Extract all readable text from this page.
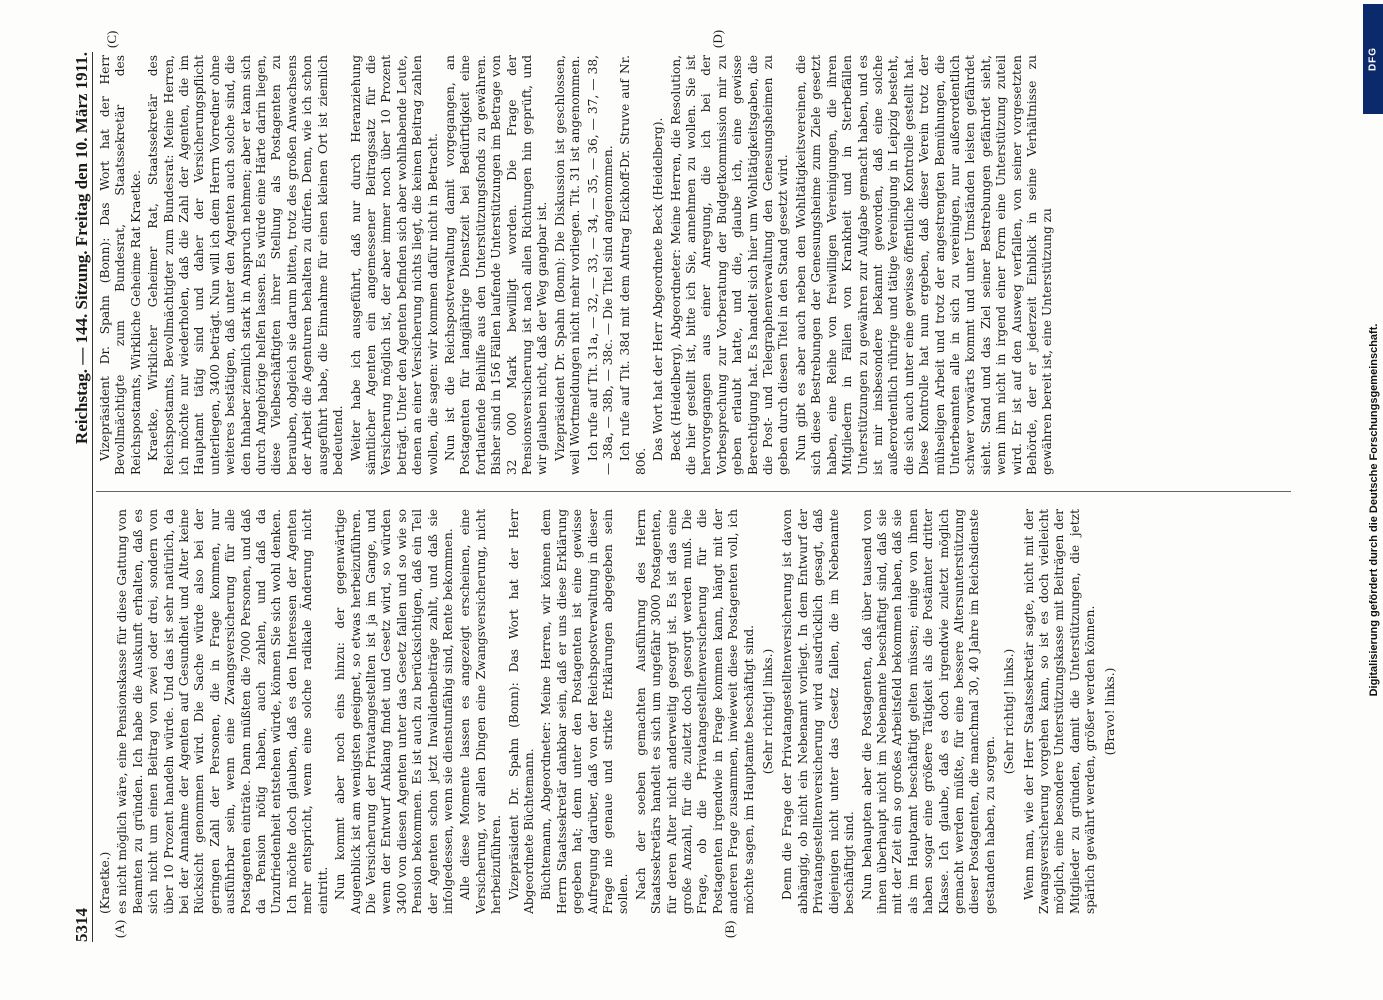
5314
Reichstag. — 144. Sitzung. Freitag den 10. März 1911.
(A)	(B)
(C)	(D)

(Kraetke.) es nicht möglich wäre, eine Pensionskasse für diese Gattung von Beamten zu gründen. Ich habe die Auskunft erhalten, daß es sich nicht um einen Beitrag von zwei oder drei, sondern von über 10 Prozent handeln würde. Und das ist sehr natürlich, da bei der Annahme der Agenten auf Gesundheit und Alter keine Rücksicht genommen wird. Die Sache würde also bei der geringen Zahl der Personen, die in Frage kommen, nur ausführbar sein, wenn eine Zwangsversicherung für alle Postagenten einträte. Dann müßten die 7000 Personen, und daß da Pension nötig haben, auch zahlen, und daß da Unzufriedenheit entstehen würde, können Sie sich wohl denken. Ich möchte doch glauben, daß es den Interessen der Agenten mehr entspricht, wenn eine solche radikale Änderung nicht eintritt. Nun kommt aber noch eins hinzu: der gegenwärtige Augenblick ist am wenigsten geeignet, so etwas herbeizuführen. Die Versicherung der Privatangestellten ist ja im Gange, und wenn der Entwurf Anklang findet und Gesetz wird, so würden 3400 von diesen Agenten unter das Gesetz fallen und so wie so Pension bekommen. Es ist auch zu berücksichtigen, daß ein Teil der Agenten schon jetzt Invalidenbeiträge zahlt, und daß sie infolgedessen, wenn sie dienstunfähig sind, Rente bekommen. Alle diese Momente lassen es angezeigt erscheinen, eine Versicherung, vor allen Dingen eine Zwangsversicherung, nicht herbeizuführen. Vizepräsident Dr. Spahn (Bonn): Das Wort hat der Herr Abgeordnete Büchtemann. Büchtemann, Abgeordneter: Meine Herren, wir können dem Herrn Staatssekretär dankbar sein, daß er uns diese Erklärung gegeben hat; denn unter den Postagenten ist eine gewisse Aufregung darüber, daß von der Reichspostverwaltung in dieser Frage nie genaue und strikte Erklärungen abgegeben sein sollen. Nach der soeben gemachten Ausführung des Herrn Staatssekretärs handelt es sich um ungefähr 3000 Postagenten, für deren Alter nicht anderweitig gesorgt ist. Es ist das eine große Anzahl, für die zuletzt doch gesorgt werden muß. Die Frage, ob die Privatangestelltenversicherung für die Postagenten irgendwie in Frage kommen kann, hängt mit der anderen Frage zusammen, inwieweit diese Postagenten voll, ich möchte sagen, im Hauptamte beschäftigt sind. (Sehr richtig! links.) Denn die Frage der Privatangestelltenversicherung ist davon abhängig, ob nicht ein Nebenamt vorliegt. In dem Entwurf der Privatangestelltenversicherung wird ausdrücklich gesagt, daß diejenigen nicht unter das Gesetz fallen, die im Nebenamte beschäftigt sind. Nun behaupten aber die Postagenten, daß über tausend von ihnen überhaupt nicht im Nebenamte beschäftigt sind, daß sie mit der Zeit ein so großes Arbeitsfeld bekommen haben, daß sie als im Hauptamt beschäftigt gelten müssen; einige von ihnen haben sogar eine größere Tätigkeit als die Postämter dritter Klasse. Ich glaube, daß es doch irgendwie zuletzt möglich gemacht werden müßte, für eine bessere Altersunterstützung dieser Postagenten, die manchmal 30, 40 Jahre im Reichsdienste gestanden haben, zu sorgen.

(Sehr richtig! links.) Wenn man, wie der Herr Staatssekretär sagte, nicht mit der Zwangsversicherung vorgehen kann, so ist es doch vielleicht möglich, eine besondere Unterstützungskasse mit Beiträgen der Mitglieder zu gründen, damit die Unterstützungen, die jetzt spärlich gewährt werden, größer werden können. (Bravo! links.)

Vizepräsident Dr. Spahn (Bonn): Das Wort hat der Herr Bevollmächtigte zum Bundesrat, Staatssekretär des Reichspostamts, Wirkliche Geheime Rat Kraetke. Kraetke, Wirklicher Geheimer Rat, Staatssekretär des Reichspostamts, Bevollmächtigter zum Bundesrat: Meine Herren, ich möchte nur wiederholen, daß die Zahl der Agenten, die im Hauptamt tätig sind und daher der Versicherungspflicht unterliegen, 3400 beträgt. Nun will ich dem Herrn Vorredner ohne weiteres bestätigen, daß unter den Agenten auch solche sind, die den Inhaber ziemlich stark in Anspruch nehmen; aber er kann sich durch Angehörige helfen lassen. Es würde eine Härte darin liegen, diese Vielbeschäftigten ihrer Stellung als Postagenten zu berauben, obgleich sie darum bitten, trotz des großen Anwachsens der Arbeit die Agenturen behalten zu dürfen. Denn, wie ich schon ausgeführt habe, die Einnahme für einen kleinen Ort ist ziemlich bedeutend. Weiter habe ich ausgeführt, daß nur durch Heranziehung sämtlicher Agenten ein angemessener Beitragssatz für die Versicherung möglich ist, der aber immer noch über 10 Prozent beträgt. Unter den Agenten befinden sich aber wohlhabende Leute, denen an einer Versicherung nichts liegt, die keinen Beitrag zahlen wollen, die sagen: wir kommen dafür nicht in Betracht. Nun ist die Reichspostverwaltung damit vorgegangen, an Postagenten für langjährige Dienstzeit bei Bedürftigkeit eine fortlaufende Beihilfe aus den Unterstützungsfonds zu gewähren. Bisher sind in 156 Fällen laufende Unterstützungen im Betrage von 32 000 Mark bewilligt worden. Die Frage der Pensionsversicherung ist nach allen Richtungen hin geprüft, und wir glauben nicht, daß der Weg gangbar ist. Vizepräsident Dr. Spahn (Bonn): Die Diskussion ist geschlossen, weil Wortmeldungen nicht mehr vorliegen. Tit. 31 ist angenommen. Ich rufe auf Tit. 31a, — 32, — 33, — 34, — 35, — 36, — 37, — 38, — 38a, — 38b, — 38c. — Die Titel sind angenommen. Ich rufe auf Tit. 38d mit dem Antrag Eickhoff-Dr. Struve auf Nr. 806.

Das Wort hat der Herr Abgeordnete Beck (Heidelberg). Beck (Heidelberg), Abgeordneter: Meine Herren, die Resolution, die hier gestellt ist, bitte ich Sie, annehmen zu wollen. Sie ist hervorgegangen aus einer Anregung, die ich bei der Vorbesprechung zur Vorberatung der Budgetkommission mir zu geben erlaubt hatte, und die, glaube ich, eine gewisse Berechtigung hat. Es handelt sich hier um Wohltätigkeitsgaben, die die Post- und Telegraphenverwaltung den Genesungsheimen zu geben durch diesen Titel in den Stand gesetzt wird. Nun gibt es aber auch neben den Wohltätigkeitsvereinen, die sich diese Bestrebungen der Genesungsheime zum Ziele gesetzt haben, eine Reihe von freiwilligen Vereinigungen, die ihren Mitgliedern in Fällen von Krankheit und in Sterbefällen Unterstützungen zu gewähren zur Aufgabe gemacht haben, und es ist mir insbesondere bekannt geworden, daß eine solche außerordentlich rührige und tätige Vereinigung in Leipzig besteht, die sich auch unter eine gewisse öffentliche Kontrolle gestellt hat. Diese Kontrolle hat nun ergeben, daß dieser Verein trotz der mühseligen Arbeit und trotz der angestrengten Bemühungen, die Unterbeamten alle in sich zu vereinigen, nur außerordentlich schwer vorwärts kommt und unter Umständen leisten gefährdet sieht. Stand und das Ziel seiner Bestrebungen gefährdet sieht, wenn ihm nicht in irgend einer Form eine Unterstützung zuteil wird. Er ist auf den Ausweg verfallen, von seiner vorgesetzten Behörde, der er jederzeit Einblick in seine Verhältnisse zu gewähren bereit ist, eine Unterstützung zu

DFG
Digitalisierung gefördert durch die Deutsche Forschungsgemeinschaft.
